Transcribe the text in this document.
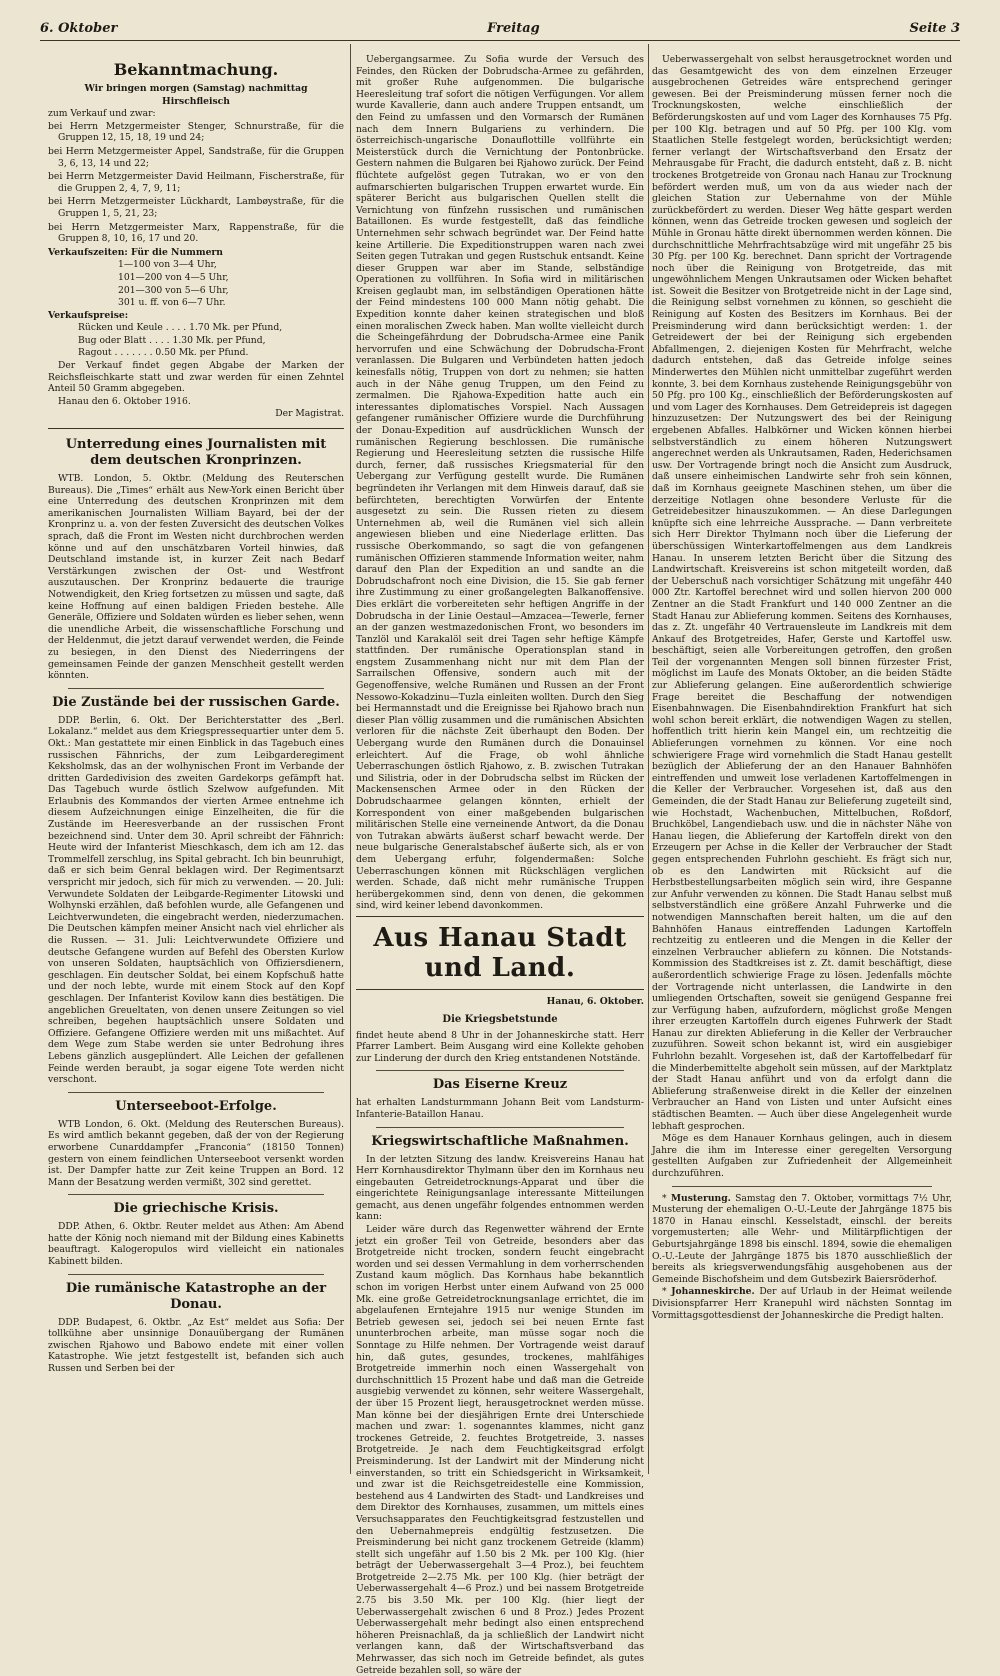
6. Oktober	Freitag	Seite 3
Bekanntmachung.

Wir bringen morgen (Samstag) nachmittag

Hirschfleisch

zum Verkauf und zwar:

bei Herrn Metzgermeister Stenger, Schnurstraße, für die Gruppen 12, 15, 18, 19 und 24;

bei Herrn Metzgermeister Appel, Sandstraße, für die Gruppen 3, 6, 13, 14 und 22;

bei Herrn Metzgermeister David Heilmann, Fischerstraße, für die Gruppen 2, 4, 7, 9, 11;

bei Herrn Metzgermeister Lückhardt, Lambøystraße, für die Gruppen 1, 5, 21, 23;

bei Herrn Metzgermeister Marx, Rappenstraße, für die Gruppen 8, 10, 16, 17 und 20.

Verkaufszeiten: Für die Nummern

1—100 von 3—4 Uhr,

101—200 von 4—5 Uhr,

201—300 von 5—6 Uhr,

301 u. ff. von 6—7 Uhr.

Verkaufspreise:

Rücken und Keule . . . . 1.70 Mk. per Pfund,

Bug oder Blatt . . . . 1.30 Mk. per Pfund,

Ragout . . . . . . . 0.50 Mk. per Pfund.

Der Verkauf findet gegen Abgabe der Marken der Reichsfleischkarte statt und zwar werden für einen Zehntel Anteil 50 Gramm abgegeben.

Hanau den 6. Oktober 1916.

Der Magistrat.

Unterredung eines Journalisten mit dem deutschen Kronprinzen.

WTB. London, 5. Oktbr. (Meldung des Reuterschen Bureaus). Die „Times“ erhält aus New-York einen Bericht über eine Unterredung des deutschen Kronprinzen mit dem amerikanischen Journalisten William Bayard, bei der der Kronprinz u. a. von der festen Zuversicht des deutschen Volkes sprach, daß die Front im Westen nicht durchbrochen werden könne und auf den unschätzbaren Vorteil hinwies, daß Deutschland imstande ist, in kurzer Zeit nach Bedarf Verstärkungen zwischen der Ost- und Westfront auszutauschen. Der Kronprinz bedauerte die traurige Notwendigkeit, den Krieg fortsetzen zu müssen und sagte, daß keine Hoffnung auf einen baldigen Frieden bestehe. Alle Generäle, Offiziere und Soldaten würden es lieber sehen, wenn die unendliche Arbeit, die wissenschaftliche Forschung und der Heldenmut, die jetzt darauf verwendet werden, die Feinde zu besiegen, in den Dienst des Niederringens der gemeinsamen Feinde der ganzen Menschheit gestellt werden könnten.

Die Zustände bei der russischen Garde.

DDP. Berlin, 6. Okt. Der Berichterstatter des „Berl. Lokalanz.“ meldet aus dem Kriegspressequartier unter dem 5. Okt.: Man gestattete mir einen Einblick in das Tagebuch eines russischen Fähnrichs, der zum Leibgarderegiment Keksholmsk, das an der wolhynischen Front im Verbande der dritten Gardedivision des zweiten Gardekorps gefämpft hat. Das Tagebuch wurde östlich Szelwow aufgefunden. Mit Erlaubnis des Kommandos der vierten Armee entnehme ich diesem Aufzeichnungen einige Einzelheiten, die für die Zustände im Heeresverbande an der russischen Front bezeichnend sind. Unter dem 30. April schreibt der Fähnrich: Heute wird der Infanterist Mieschkasch, dem ich am 12. das Trommelfell zerschlug, ins Spital gebracht. Ich bin beunruhigt, daß er sich beim Genral beklagen wird. Der Regimentsarzt verspricht mir jedoch, sich für mich zu verwenden. — 20. Juli: Verwundete Soldaten der Leibgarde-Regimenter Litowski und Wolhynski erzählen, daß befohlen wurde, alle Gefangenen und Leichtverwundeten, die eingebracht werden, niederzumachen. Die Deutschen kämpfen meiner Ansicht nach viel ehrlicher als die Russen. — 31. Juli: Leichtverwundete Offiziere und deutsche Gefangene wurden auf Befehl des Obersten Kurlow von unseren Soldaten, hauptsächlich von Offiziersdienern, geschlagen. Ein deutscher Soldat, bei einem Kopfschuß hatte und der noch lebte, wurde mit einem Stock auf den Kopf geschlagen. Der Infanterist Kovilow kann dies bestätigen. Die angeblichen Greueltaten, von denen unsere Zeitungen so viel schreiben, begehen hauptsächlich unsere Soldaten und Offiziere. Gefangene Offiziere werden mit uns mißachtet. Auf dem Wege zum Stabe werden sie unter Bedrohung ihres Lebens gänzlich ausgeplündert. Alle Leichen der gefallenen Feinde werden beraubt, ja sogar eigene Tote werden nicht verschont.

Unterseeboot-Erfolge.

WTB London, 6. Okt. (Meldung des Reuterschen Bureaus). Es wird amtlich bekannt gegeben, daß der von der Regierung erworbene Cunarddampfer „Franconia“ (18150 Tonnen) gestern von einem feindlichen Unterseeboot versenkt worden ist. Der Dampfer hatte zur Zeit keine Truppen an Bord. 12 Mann der Besatzung werden vermißt, 302 sind gerettet.

Die griechische Krisis.

DDP. Athen, 6. Oktbr. Reuter meldet aus Athen: Am Abend hatte der König noch niemand mit der Bildung eines Kabinetts beauftragt. Kalogeropulos wird vielleicht ein nationales Kabinett bilden.

Die rumänische Katastrophe an der Donau.

DDP. Budapest, 6. Oktbr. „Az Est“ meldet aus Sofia: Der tollkühne aber unsinnige Donauübergang der Rumänen zwischen Rjahowo und Babowo endete mit einer vollen Katastrophe. Wie jetzt festgestellt ist, befanden sich auch Russen und Serben bei der

Uebergangsarmee. Zu Sofia wurde der Versuch des Feindes, den Rücken der Dobrudscha-Armee zu gefährden, mit großer Ruhe aufgenommen. Die bulgarische Heeresleitung traf sofort die nötigen Verfügungen. Vor allem wurde Kavallerie, dann auch andere Truppen entsandt, um den Feind zu umfassen und den Vormarsch der Rumänen nach dem Innern Bulgariens zu verhindern. Die österreichisch-ungarische Donauflottille vollführte ein Meisterstück durch die Vernichtung der Pontonbrücke. Gestern nahmen die Bulgaren bei Rjahowo zurück. Der Feind flüchtete aufgelöst gegen Tutrakan, wo er von den aufmarschierten bulgarischen Truppen erwartet wurde. Ein späterer Bericht aus bulgarischen Quellen stellt die Vernichtung von fünfzehn russischen und rumänischen Bataillonen. Es wurde festgestellt, daß das feindliche Unternehmen sehr schwach begründet war. Der Feind hatte keine Artillerie. Die Expeditionstruppen waren nach zwei Seiten gegen Tutrakan und gegen Rustschuk entsandt. Keine dieser Gruppen war aber im Stande, selbständige Operationen zu vollführen. In Sofia wird in militärischen Kreisen geglaubt man, im selbständigen Operationen hätte der Feind mindestens 100 000 Mann nötig gehabt. Die Expedition konnte daher keinen strategischen und bloß einen moralischen Zweck haben. Man wollte vielleicht durch die Scheingefährdung der Dobrudscha-Armee eine Panik hervorrufen und eine Schwächung der Dobrudscha-Front veranlassen. Die Bulgaren und Verbündeten hatten jedoch keinesfalls nötig, Truppen von dort zu nehmen; sie hatten auch in der Nähe genug Truppen, um den Feind zu zermalmen. Die Rjahowa-Expedition hatte auch ein interessantes diplomatisches Vorspiel. Nach Aussagen gefangener rumänischer Offiziere wurde die Durchführung der Donau-Expedition auf ausdrücklichen Wunsch der rumänischen Regierung beschlossen. Die rumänische Regierung und Heeresleitung setzten die russische Hilfe durch, ferner, daß russisches Kriegsmaterial für den Uebergang zur Verfügung gestellt wurde. Die Rumänen begründeten ihr Verlangen mit dem Hinweis darauf, daß sie befürchteten, berechtigten Vorwürfen der Entente ausgesetzt zu sein. Die Russen rieten zu diesem Unternehmen ab, weil die Rumänen viel sich allein angewiesen blieben und eine Niederlage erlitten. Das russische Oberkommando, so sagt die von gefangenen rumänischen Offizieren stammende Information weiter, nahm darauf den Plan der Expedition an und sandte an die Dobrudschafront noch eine Division, die 15. Sie gab ferner ihre Zustimmung zu einer großangelegten Balkanoffensive. Dies erklärt die vorbereiteten sehr heftigen Angriffe in der Dobrudscha in der Linie Oestaul—Amzacea—Tewerle, ferner an der ganzen westmazedonischen Front, wo besonders im Tanzlöl und Karakalöl seit drei Tagen sehr heftige Kämpfe stattfinden. Der rumänische Operationsplan stand in engstem Zusammenhang nicht nur mit dem Plan der Sarrailschen Offensive, sondern auch mit der Gegenoffensive, welche Rumänen und Russen an der Front Nessowo-Kokadzinu—Tuzla einleiten wollten. Durch den Sieg bei Hermannstadt und die Ereignisse bei Rjahowo brach nun dieser Plan völlig zusammen und die rumänischen Absichten verloren für die nächste Zeit überhaupt den Boden. Der Uebergang wurde den Rumänen durch die Donauinsel erleichtert. Auf die Frage, ob wohl ähnliche Ueberraschungen östlich Rjahowo, z. B. zwischen Tutrakan und Silistria, oder in der Dobrudscha selbst im Rücken der Mackensenschen Armee oder in den Rücken der Dobrudschaarmee gelangen könnten, erhielt der Korrespondent von einer maßgebenden bulgarischen militärischen Stelle eine verneinende Antwort, da die Donau von Tutrakan abwärts äußerst scharf bewacht werde. Der neue bulgarische Generalstabschef äußerte sich, als er von dem Uebergang erfuhr, folgendermaßen: Solche Ueberraschungen können mit Rückschlägen verglichen werden. Schade, daß nicht mehr rumänische Truppen herübergekommen sind, denn von denen, die gekommen sind, wird keiner lebend davonkommen.

Aus Hanau Stadt und Land.
Hanau, 6. Oktober.
Die Kriegsbetstunde

findet heute abend 8 Uhr in der Johanneskirche statt. Herr Pfarrer Lambert. Beim Ausgang wird eine Kollekte gehoben zur Linderung der durch den Krieg entstandenen Notstände.

Das Eiserne Kreuz

hat erhalten Landsturmmann Johann Beit vom Landsturm-Infanterie-Bataillon Hanau.

Kriegswirtschaftliche Maßnahmen.

In der letzten Sitzung des landw. Kreisvereins Hanau hat Herr Kornhausdirektor Thylmann über den im Kornhaus neu eingebauten Getreidetrocknungs-Apparat und über die eingerichtete Reinigungsanlage interessante Mitteilungen gemacht, aus denen ungefähr folgendes entnommen werden kann:

Leider wäre durch das Regenwetter während der Ernte jetzt ein großer Teil von Getreide, besonders aber das Brotgetreide nicht trocken, sondern feucht eingebracht worden und sei dessen Vermahlung in dem vorherrschenden Zustand kaum möglich. Das Kornhaus habe bekanntlich schon im vorigen Herbst unter einem Aufwand von 25 000 Mk. eine große Getreidetrocknungsanlage errichtet, die im abgelaufenen Erntejahre 1915 nur wenige Stunden im Betrieb gewesen sei, jedoch sei bei neuen Ernte fast ununterbrochen arbeite, man müsse sogar noch die Sonntage zu Hilfe nehmen. Der Vortragende weist darauf hin, daß gutes, gesundes, trockenes, mahlfähiges Brotgetreide immerhin noch einen Wassergehalt von durchschnittlich 15 Prozent habe und daß man die Getreide ausgiebig verwendet zu können, sehr weitere Wassergehalt, der über 15 Prozent liegt, herausgetrocknet werden müsse. Man könne bei der diesjährigen Ernte drei Unterschiede machen und zwar: 1. sogenanntes klammes, nicht ganz trockenes Getreide, 2. feuchtes Brotgetreide, 3. nasses Brotgetreide. Je nach dem Feuchtigkeitsgrad erfolgt Preisminderung. Ist der Landwirt mit der Minderung nicht einverstanden, so tritt ein Schiedsgericht in Wirksamkeit, und zwar ist die Reichsgetreidestelle eine Kommission, bestehend aus 4 Landwirten des Stadt- und Landkreises und dem Direktor des Kornhauses, zusammen, um mittels eines Versuchsapparates den Feuchtigkeitsgrad festzustellen und den Uebernahmepreis endgültig festzusetzen. Die Preisminderung bei nicht ganz trockenem Getreide (klamm) stellt sich ungefähr auf 1.50 bis 2 Mk. per 100 Klg. (hier beträgt der Ueberwassergehalt 3—4 Proz.), bei feuchtem Brotgetreide 2—2.75 Mk. per 100 Klg. (hier beträgt der Ueberwassergehalt 4—6 Proz.) und bei nassem Brotgetreide 2.75 bis 3.50 Mk. per 100 Klg. (hier liegt der Ueberwassergehalt zwischen 6 und 8 Proz.) Jedes Prozent Ueberwassergehalt mehr bedingt also einen entsprechend höheren Preisnachlaß, da ja schließlich der Landwirt nicht verlangen kann, daß der Wirtschaftsverband das Mehrwasser, das sich noch im Getreide befindet, als gutes Getreide bezahlen soll, so wäre der

Ueberwassergehalt von selbst herausgetrocknet worden und das Gesamtgewicht des von dem einzelnen Erzeuger ausgebrochenen Getreides wäre entsprechend geringer gewesen. Bei der Preisminderung müssen ferner noch die Trocknungskosten, welche einschließlich der Beförderungskosten auf und vom Lager des Kornhauses 75 Pfg. per 100 Klg. betragen und auf 50 Pfg. per 100 Klg. vom Staatlichen Stelle festgelegt worden, berücksichtigt werden; ferner verlangt der Wirtschaftsverband den Ersatz der Mehrausgabe für Fracht, die dadurch entsteht, daß z. B. nicht trockenes Brotgetreide von Gronau nach Hanau zur Trocknung befördert werden muß, um von da aus wieder nach der gleichen Station zur Uebernahme von der Mühle zurückbefördert zu werden. Dieser Weg hätte gespart werden können, wenn das Getreide trocken gewesen und sogleich der Mühle in Gronau hätte direkt übernommen werden können. Die durchschnittliche Mehrfrachtsabzüge wird mit ungefähr 25 bis 30 Pfg. per 100 Kg. berechnet. Dann spricht der Vortragende noch über die Reinigung von Brotgetreide, das mit ungewöhnlichem Mengen Unkrautsamen oder Wicken behaftet ist. Soweit die Besitzer von Brotgetreide nicht in der Lage sind, die Reinigung selbst vornehmen zu können, so geschieht die Reinigung auf Kosten des Besitzers im Kornhaus. Bei der Preisminderung wird dann berücksichtigt werden: 1. der Getreidewert der bei der Reinigung sich ergebenden Abfallmengen, 2. diejenigen Kosten für Mehrfracht, welche dadurch entstehen, daß das Getreide infolge seines Minderwertes den Mühlen nicht unmittelbar zugeführt werden konnte, 3. bei dem Kornhaus zustehende Reinigungsgebühr von 50 Pfg. pro 100 Kg., einschließlich der Beförderungskosten auf und vom Lager des Kornhauses. Dem Getreidepreis ist dagegen hinzuzusetzen: Der Nutzungswert des bei der Reinigung ergebenen Abfalles. Halbkörner und Wicken können hierbei selbstverständlich zu einem höheren Nutzungswert angerechnet werden als Unkrautsamen, Raden, Hederichsamen usw. Der Vortragende bringt noch die Ansicht zum Ausdruck, daß unsere einheimischen Landwirte sehr froh sein können, daß im Kornhaus geeignete Maschinen stehen, um über die derzeitige Notlagen ohne besondere Verluste für die Getreidebesitzer hinauszukommen. — An diese Darlegungen knüpfte sich eine lehrreiche Aussprache. — Dann verbreitete sich Herr Direktor Thylmann noch über die Lieferung der überschüssigen Winterkartoffelmengen aus dem Landkreis Hanau. In unserem letzten Bericht über die Sitzung des Landwirtschaft. Kreisvereins ist schon mitgeteilt worden, daß der Ueberschuß nach vorsichtiger Schätzung mit ungefähr 440 000 Ztr. Kartoffel berechnet wird und sollen hiervon 200 000 Zentner an die Stadt Frankfurt und 140 000 Zentner an die Stadt Hanau zur Ablieferung kommen. Seitens des Kornhauses, das z. Zt. ungefähr 40 Vertrauensleute im Landkreis mit dem Ankauf des Brotgetreides, Hafer, Gerste und Kartoffel usw. beschäftigt, seien alle Vorbereitungen getroffen, den großen Teil der vorgenannten Mengen soll binnen fürzester Frist, möglichst im Laufe des Monats Oktober, an die beiden Städte zur Ablieferung gelangen. Eine außerordentlich schwierige Frage bereitet die Beschaffung der notwendigen Eisenbahnwagen. Die Eisenbahndirektion Frankfurt hat sich wohl schon bereit erklärt, die notwendigen Wagen zu stellen, hoffentlich tritt hierin kein Mangel ein, um rechtzeitig die Ablieferungen vornehmen zu können. Vor eine noch schwierigere Frage wird vornehmlich die Stadt Hanau gestellt bezüglich der Ablieferung der an den Hanauer Bahnhöfen eintreffenden und umweit lose verladenen Kartoffelmengen in die Keller der Verbraucher. Vorgesehen ist, daß aus den Gemeinden, die der Stadt Hanau zur Belieferung zugeteilt sind, wie Hochstadt, Wachenbuchen, Mittelbuchen, Roßdorf, Bruchköbel, Langendiebach usw. und die in nächster Nähe von Hanau liegen, die Ablieferung der Kartoffeln direkt von den Erzeugern per Achse in die Keller der Verbraucher der Stadt gegen entsprechenden Fuhrlohn geschieht. Es frägt sich nur, ob es den Landwirten mit Rücksicht auf die Herbstbestellungsarbeiten möglich sein wird, ihre Gespanne zur Anfuhr verwenden zu können. Die Stadt Hanau selbst muß selbstverständlich eine größere Anzahl Fuhrwerke und die notwendigen Mannschaften bereit halten, um die auf den Bahnhöfen Hanaus eintreffenden Ladungen Kartoffeln rechtzeitig zu entleeren und die Mengen in die Keller der einzelnen Verbraucher abliefern zu können. Die Notstands-Kommission des Stadtkreises ist z. Zt. damit beschäftigt, diese außerordentlich schwierige Frage zu lösen. Jedenfalls möchte der Vortragende nicht unterlassen, die Landwirte in den umliegenden Ortschaften, soweit sie genügend Gespanne frei zur Verfügung haben, aufzufordern, möglichst große Mengen ihrer erzeugten Kartoffeln durch eigenes Fuhrwerk der Stadt Hanau zur direkten Ablieferung in die Keller der Verbraucher zuzuführen. Soweit schon bekannt ist, wird ein ausgiebiger Fuhrlohn bezahlt. Vorgesehen ist, daß der Kartoffelbedarf für die Minderbemittelte abgeholt sein müssen, auf der Marktplatz der Stadt Hanau anführt und von da erfolgt dann die Ablieferung straßenweise direkt in die Keller der einzelnen Verbraucher an Hand von Listen und unter Aufsicht eines städtischen Beamten. — Auch über diese Angelegenheit wurde lebhaft gesprochen.

Möge es dem Hanauer Kornhaus gelingen, auch in diesem Jahre die ihm im Interesse einer geregelten Versorgung gestellten Aufgaben zur Zufriedenheit der Allgemeinheit durchzuführen.

* Musterung. Samstag den 7. Oktober, vormittags 7½ Uhr, Musterung der ehemaligen O.-U.-Leute der Jahrgänge 1875 bis 1870 in Hanau einschl. Kesselstadt, einschl. der bereits vorgemusterten; alle Wehr- und Militärpflichtigen der Geburtsjahrgänge 1898 bis einschl. 1894, sowie die ehemaligen O.-U.-Leute der Jahrgänge 1875 bis 1870 ausschließlich der bereits als kriegsverwendungsfähig ausgehobenen aus der Gemeinde Bischofsheim und dem Gutsbezirk Baiersröderhof.

* Johanneskirche. Der auf Urlaub in der Heimat weilende Divisionspfarrer Herr Kranepuhl wird nächsten Sonntag im Vormittagsgottesdienst der Johanneskirche die Predigt halten.
